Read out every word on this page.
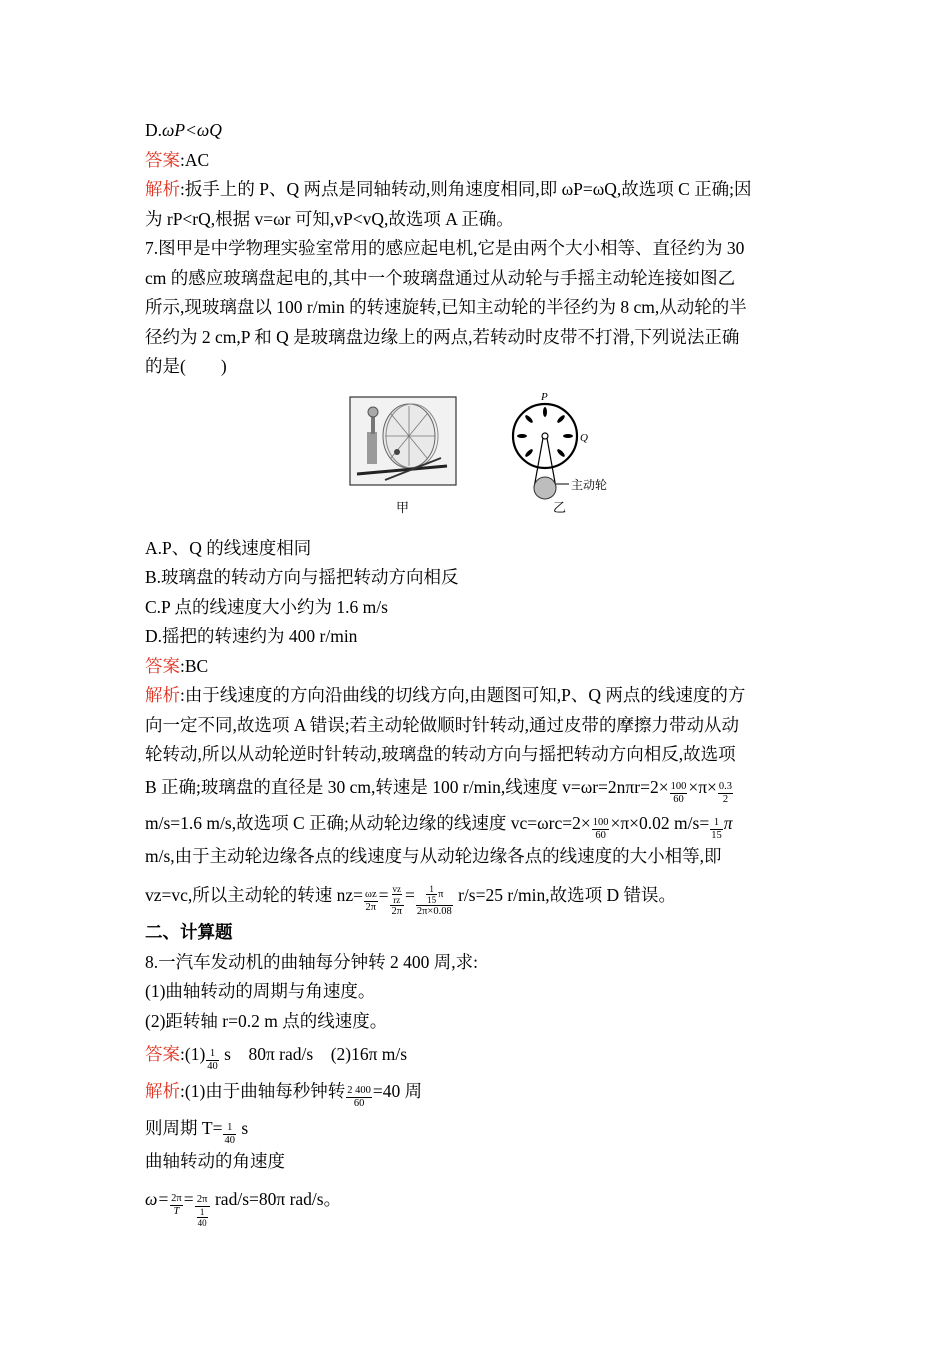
D.ωP<ωQ
答案:AC
解析:扳手上的 P、Q 两点是同轴转动,则角速度相同,即 ωP=ωQ,故选项 C 正确;因
为 rP<rQ,根据 v=ωr 可知,vP<vQ,故选项 A 正确。
7.图甲是中学物理实验室常用的感应起电机,它是由两个大小相等、直径约为 30
cm 的感应玻璃盘起电的,其中一个玻璃盘通过从动轮与手摇主动轮连接如图乙
所示,现玻璃盘以 100 r/min 的转速旋转,已知主动轮的半径约为 8 cm,从动轮的半
径约为 2 cm,P 和 Q 是玻璃盘边缘上的两点,若转动时皮带不打滑,下列说法正确
的是(　　)
P
Q
主动轮
甲	乙
A.P、Q 的线速度相同
B.玻璃盘的转动方向与摇把转动方向相反
C.P 点的线速度大小约为 1.6 m/s
D.摇把的转速约为 400 r/min
答案:BC
解析:由于线速度的方向沿曲线的切线方向,由题图可知,P、Q 两点的线速度的方
向一定不同,故选项 A 错误;若主动轮做顺时针转动,通过皮带的摩擦力带动从动
轮转动,所以从动轮逆时针转动,玻璃盘的转动方向与摇把转动方向相反,故选项
B 正确;玻璃盘的直径是 30 cm,转速是 100 r/min,线速度 $v=\omega r=2n\pi r=2\times \frac{100}{60} \times\pi\times \frac{0.3}{2}$
m/s=1.6 m/s,故选项 C 正确;从动轮边缘的线速度 $vc=\omega rc=2\times \frac{100}{60} \times\pi\times 0.02$ $m/s= \frac{1}{15}$ π
m/s,由于主动轮边缘各点的线速度与从动轮边缘各点的线速度的大小相等,即
vz=vc,所以主动轮的转速 $nz= \frac{\omega z}{2\pi} = \frac{\frac{vz}{rz}}{2\pi} = \frac{\frac{1}{15} \pi}{2\pi\times 0.08} r/s=25$ r/min,故选项 D 错误。
二、计算题
8.一汽车发动机的曲轴每分钟转 2 400 周,求:
(1)曲轴转动的周期与角速度。
(2)距转轴 r=0.2 m 点的线速度。
答案:(1) $\frac{1}{40}$ s　80π rad/s　(2)16π m/s
解析:(1)由于曲轴每秒钟转 $\frac{2 400}{60} =40$ 周
则周期 $T= \frac{1}{40}$ s
曲轴转动的角速度
$\omega= \frac{2\pi}{T} = \frac{2\pi}{\frac{1}{40}} rad/s=80\pi$ rad/s。
